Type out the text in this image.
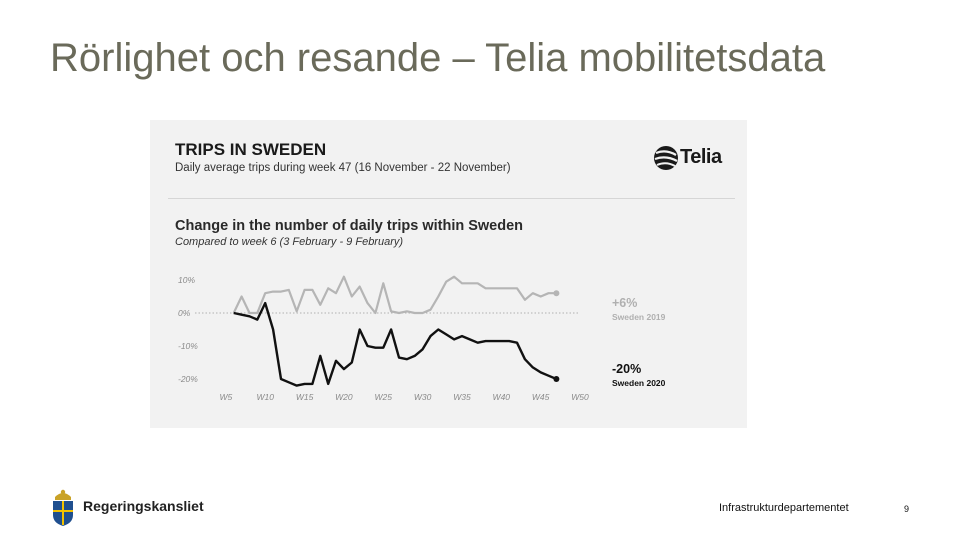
Rörlighet och resande – Telia mobilitetsdata
TRIPS IN SWEDEN
Daily average trips during week 47 (16 November - 22 November)	Telia
Change in the number of daily trips within Sweden
Compared to week 6 (3 February - 9 February)
10%
0%
-10%
-20%
W5	W10	W15	W20	W25	W30	W35	W40	W45	W50
+6%
Sweden 2019
-20%
Sweden 2020
Regeringskansliet	Infrastrukturdepartementet	9
